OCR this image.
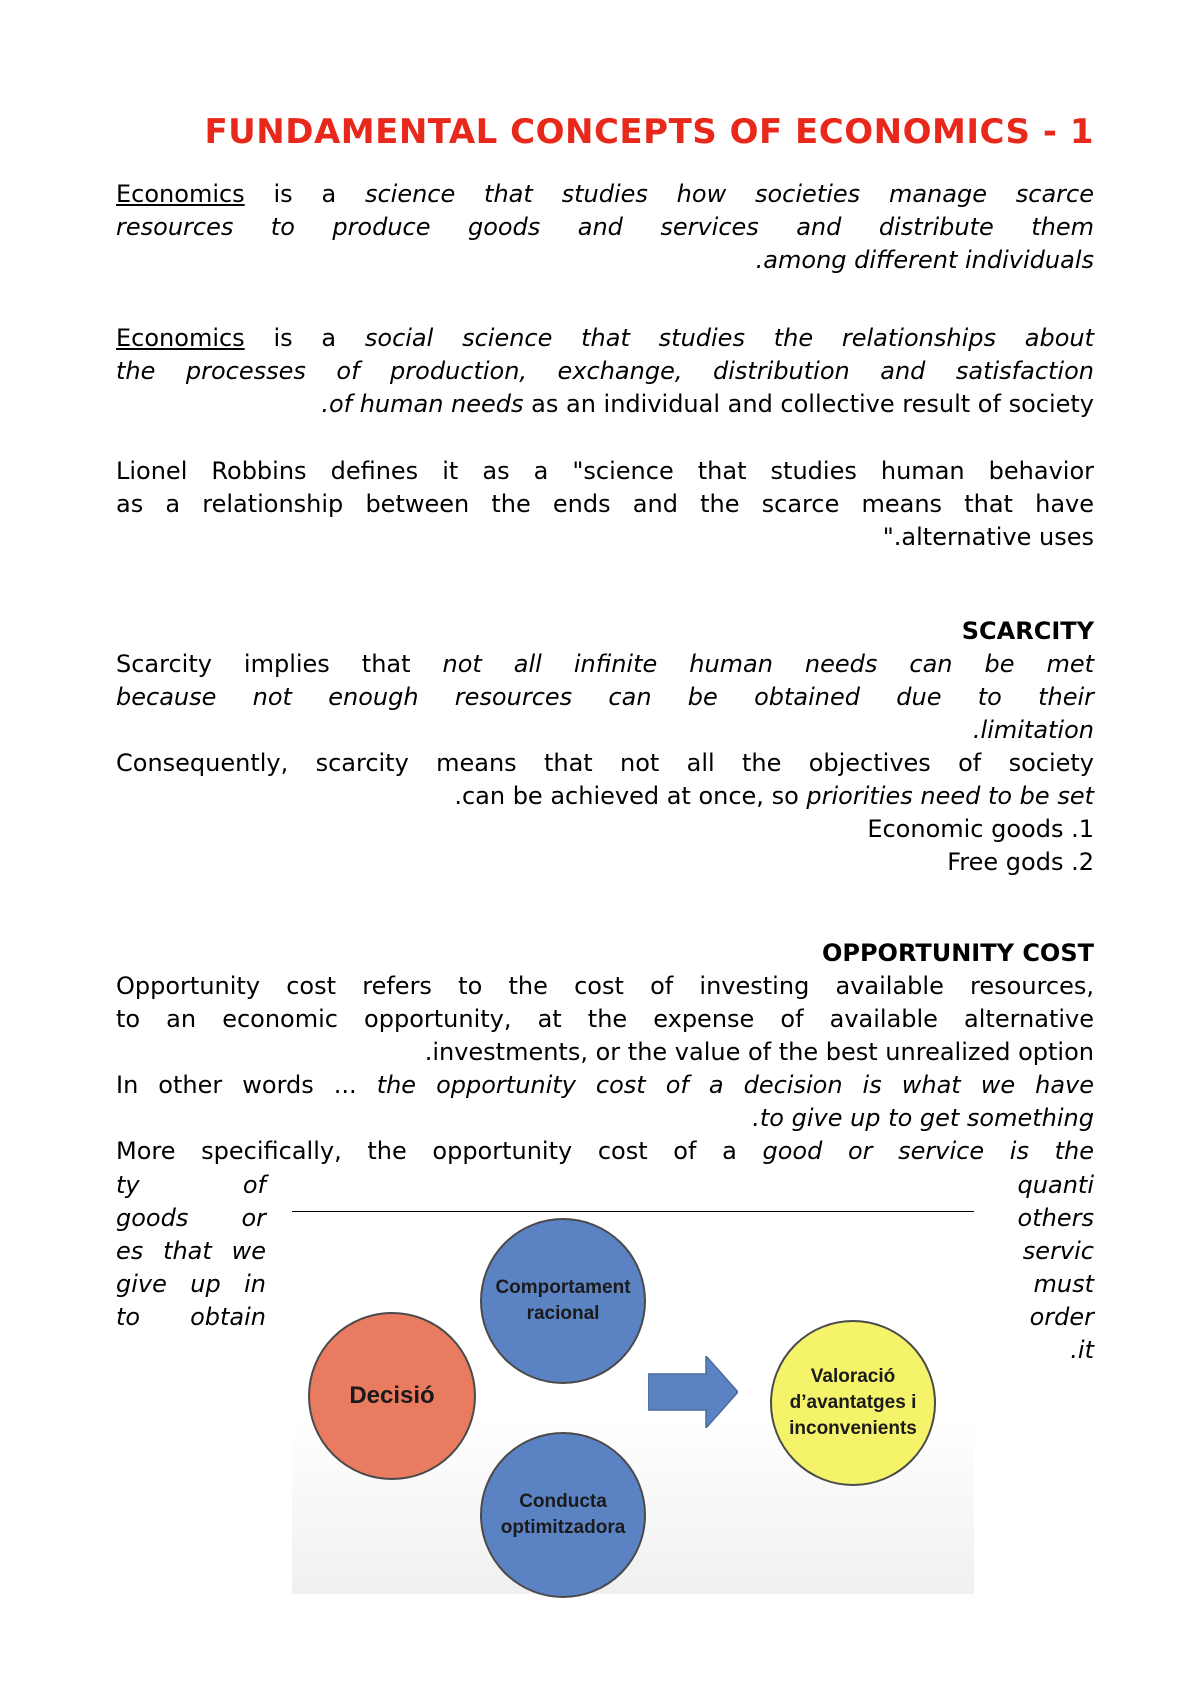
FUNDAMENTAL CONCEPTS OF ECONOMICS - 1
Economics is a science that studies how societies manage scarce
resources to produce goods and services and distribute them
.among different individuals
Economics is a social science that studies the relationships about
the processes of production, exchange, distribution and satisfaction
.of human needs as an individual and collective result of society
Lionel Robbins defines it as a "science that studies human behavior
as a relationship between the ends and the scarce means that have
".alternative uses
SCARCITY
Scarcity implies that not all infinite human needs can be met
because not enough resources can be obtained due to their
.limitation
Consequently, scarcity means that not all the objectives of society
.can be achieved at once, so priorities need to be set
Economic goods .1
Free gods .2
OPPORTUNITY COST
Opportunity cost refers to the cost of investing available resources,
to an economic opportunity, at the expense of available alternative
.investments, or the value of the best unrealized option
In other words ... the opportunity cost of a decision is what we have
.to give up to get something
More specifically, the opportunity cost of a good or service is the
ty of
goods or
es that we
give up in
to obtain
quanti
others
servic
must
order
.it
Decisió
Comportament
racional
Conducta
optimitzadora
Valoració
d’avantatges i
inconvenients
